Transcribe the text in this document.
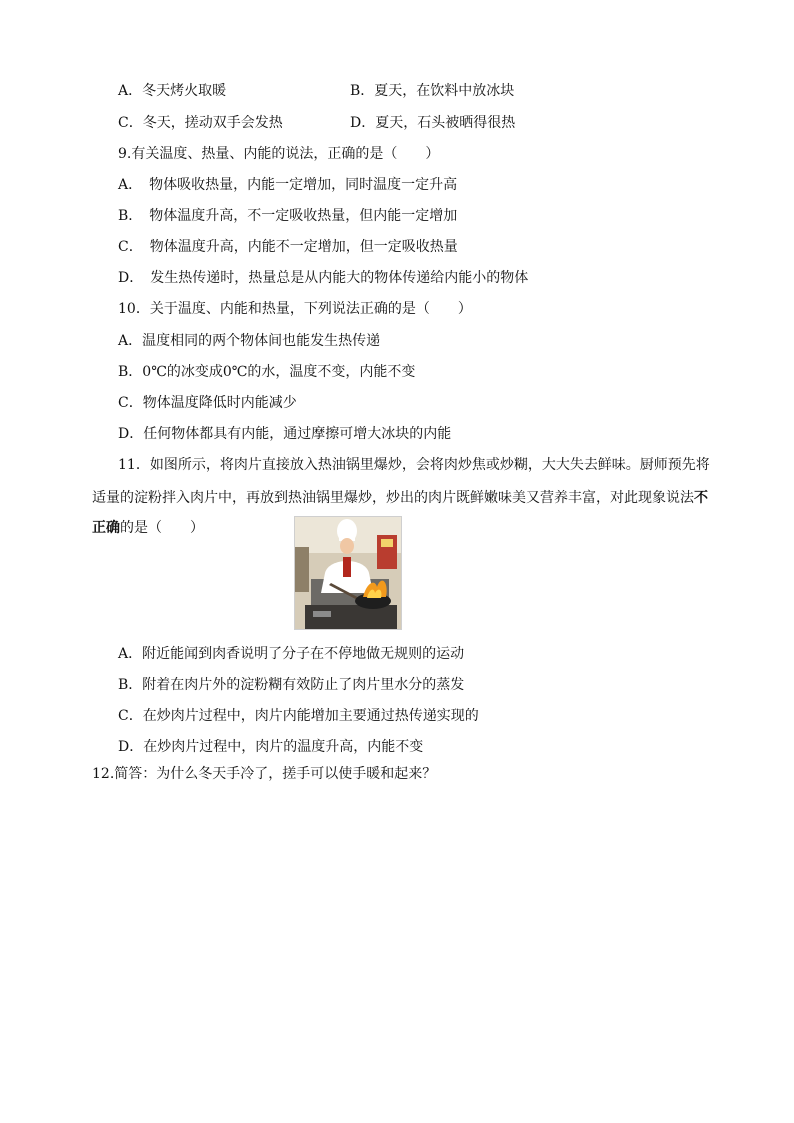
A．冬天烤火取暖	B．夏天，在饮料中放冰块
C．冬天，搓动双手会发热	D．夏天，石头被晒得很热
9.有关温度、热量、内能的说法，正确的是（　　）
A．　物体吸收热量，内能一定增加，同时温度一定升高
B．　物体温度升高，不一定吸收热量，但内能一定增加
C．　物体温度升高，内能不一定增加，但一定吸收热量
D．　发生热传递时，热量总是从内能大的物体传递给内能小的物体
10．关于温度、内能和热量，下列说法正确的是（　　）
A．温度相同的两个物体间也能发生热传递
B．0℃的冰变成0℃的水，温度不变，内能不变
C．物体温度降低时内能减少
D．任何物体都具有内能，通过摩擦可增大冰块的内能
11．如图所示，将肉片直接放入热油锅里爆炒，会将肉炒焦或炒糊，大大失去鲜味。厨师预先将
适量的淀粉拌入肉片中，再放到热油锅里爆炒，炒出的肉片既鲜嫩味美又营养丰富，对此现象说法不
正确的是（　　）
A．附近能闻到肉香说明了分子在不停地做无规则的运动
B．附着在肉片外的淀粉糊有效防止了肉片里水分的蒸发
C．在炒肉片过程中，肉片内能增加主要通过热传递实现的
D．在炒肉片过程中，肉片的温度升高，内能不变
12.简答：为什么冬天手冷了，搓手可以使手暖和起来？
